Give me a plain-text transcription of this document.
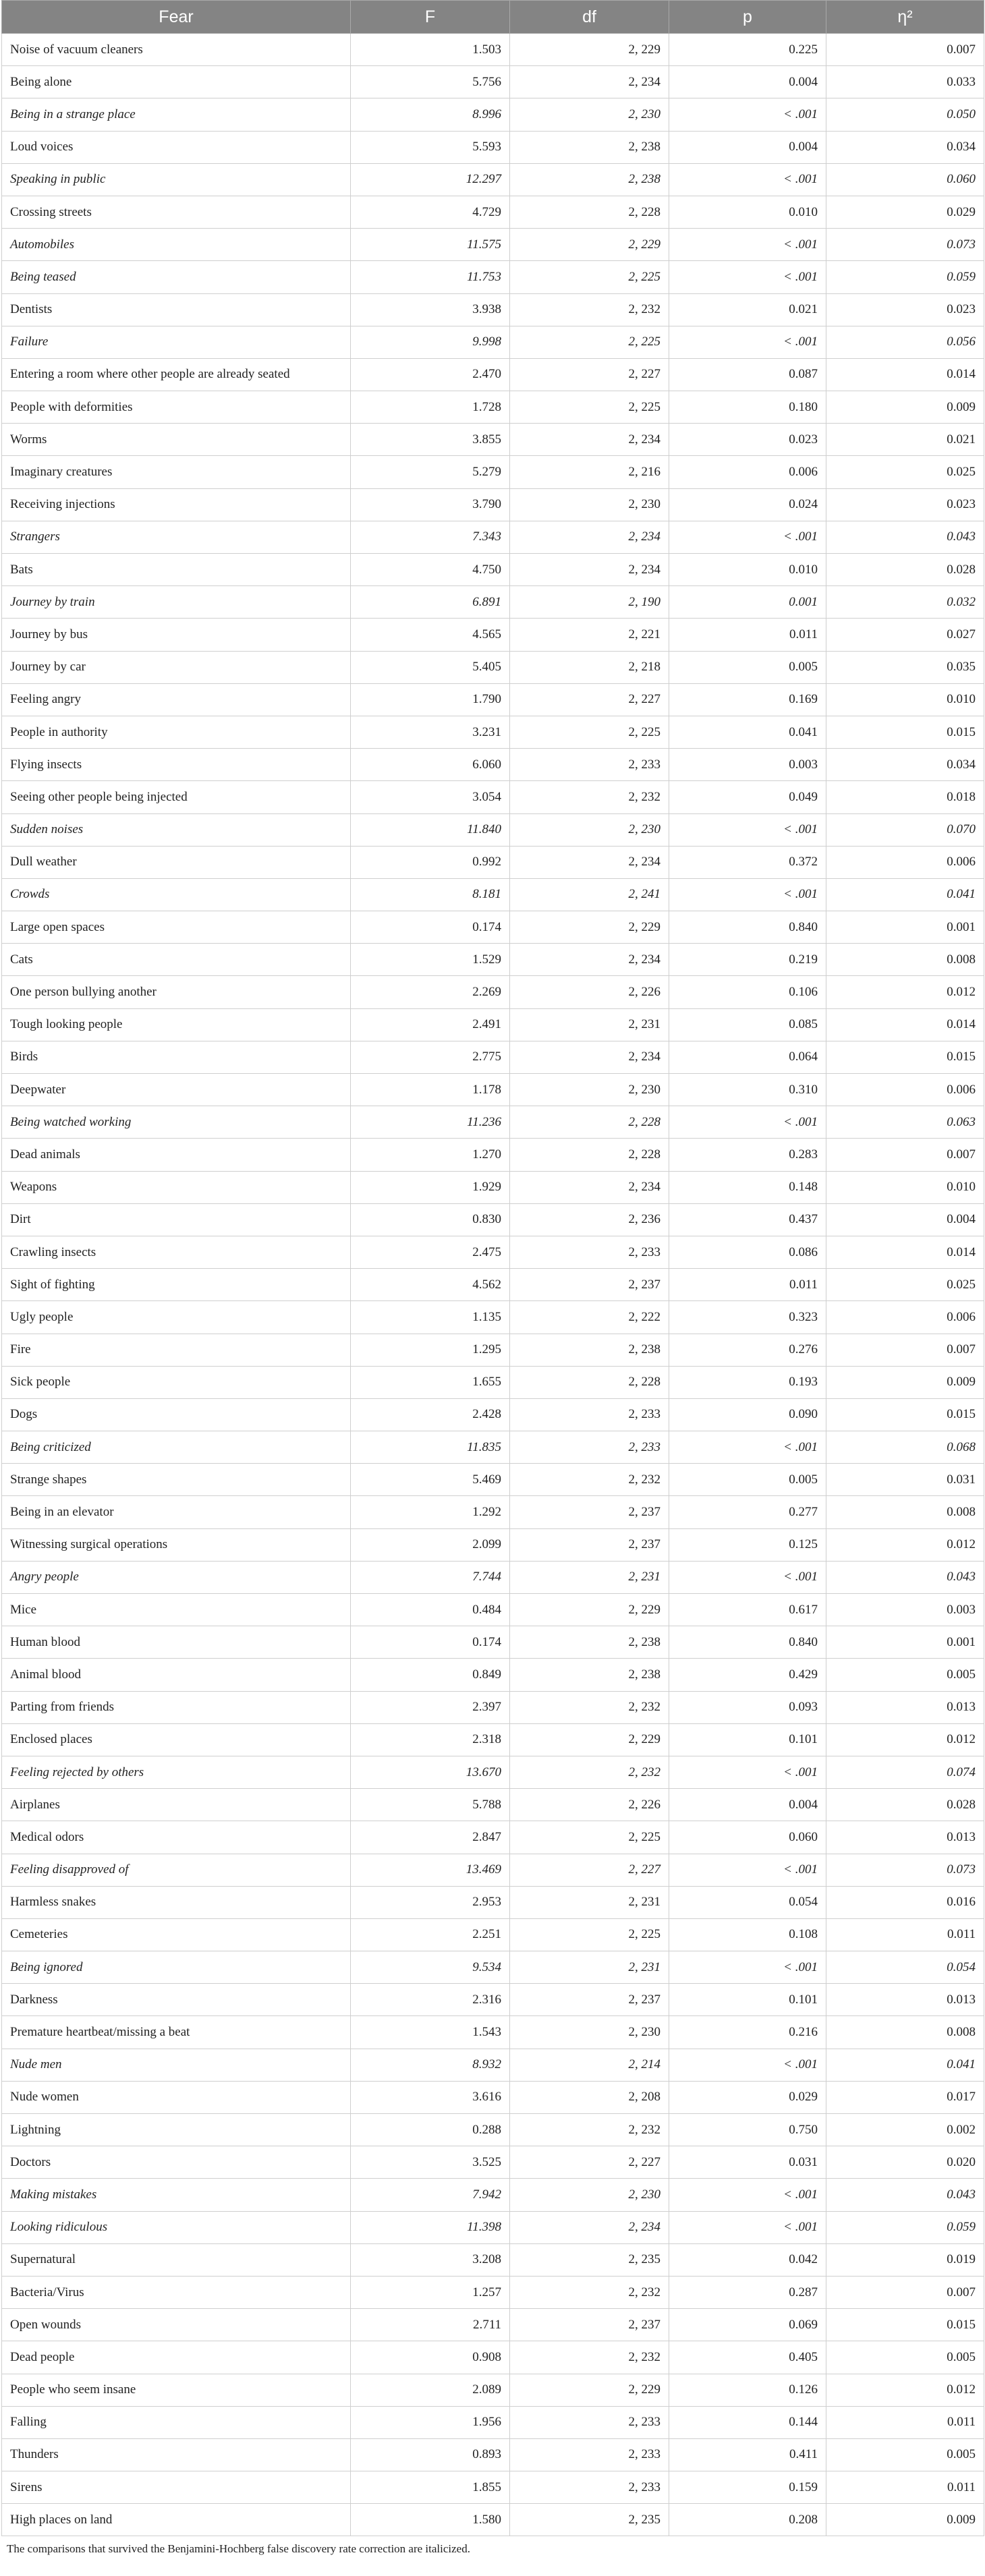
Fear	F	df	p	η²
Noise of vacuum cleaners	1.503	2, 229	0.225	0.007
Being alone	5.756	2, 234	0.004	0.033
Being in a strange place	8.996	2, 230	< .001	0.050
Loud voices	5.593	2, 238	0.004	0.034
Speaking in public	12.297	2, 238	< .001	0.060
Crossing streets	4.729	2, 228	0.010	0.029
Automobiles	11.575	2, 229	< .001	0.073
Being teased	11.753	2, 225	< .001	0.059
Dentists	3.938	2, 232	0.021	0.023
Failure	9.998	2, 225	< .001	0.056
Entering a room where other people are already seated	2.470	2, 227	0.087	0.014
People with deformities	1.728	2, 225	0.180	0.009
Worms	3.855	2, 234	0.023	0.021
Imaginary creatures	5.279	2, 216	0.006	0.025
Receiving injections	3.790	2, 230	0.024	0.023
Strangers	7.343	2, 234	< .001	0.043
Bats	4.750	2, 234	0.010	0.028
Journey by train	6.891	2, 190	0.001	0.032
Journey by bus	4.565	2, 221	0.011	0.027
Journey by car	5.405	2, 218	0.005	0.035
Feeling angry	1.790	2, 227	0.169	0.010
People in authority	3.231	2, 225	0.041	0.015
Flying insects	6.060	2, 233	0.003	0.034
Seeing other people being injected	3.054	2, 232	0.049	0.018
Sudden noises	11.840	2, 230	< .001	0.070
Dull weather	0.992	2, 234	0.372	0.006
Crowds	8.181	2, 241	< .001	0.041
Large open spaces	0.174	2, 229	0.840	0.001
Cats	1.529	2, 234	0.219	0.008
One person bullying another	2.269	2, 226	0.106	0.012
Tough looking people	2.491	2, 231	0.085	0.014
Birds	2.775	2, 234	0.064	0.015
Deepwater	1.178	2, 230	0.310	0.006
Being watched working	11.236	2, 228	< .001	0.063
Dead animals	1.270	2, 228	0.283	0.007
Weapons	1.929	2, 234	0.148	0.010
Dirt	0.830	2, 236	0.437	0.004
Crawling insects	2.475	2, 233	0.086	0.014
Sight of fighting	4.562	2, 237	0.011	0.025
Ugly people	1.135	2, 222	0.323	0.006
Fire	1.295	2, 238	0.276	0.007
Sick people	1.655	2, 228	0.193	0.009
Dogs	2.428	2, 233	0.090	0.015
Being criticized	11.835	2, 233	< .001	0.068
Strange shapes	5.469	2, 232	0.005	0.031
Being in an elevator	1.292	2, 237	0.277	0.008
Witnessing surgical operations	2.099	2, 237	0.125	0.012
Angry people	7.744	2, 231	< .001	0.043
Mice	0.484	2, 229	0.617	0.003
Human blood	0.174	2, 238	0.840	0.001
Animal blood	0.849	2, 238	0.429	0.005
Parting from friends	2.397	2, 232	0.093	0.013
Enclosed places	2.318	2, 229	0.101	0.012
Feeling rejected by others	13.670	2, 232	< .001	0.074
Airplanes	5.788	2, 226	0.004	0.028
Medical odors	2.847	2, 225	0.060	0.013
Feeling disapproved of	13.469	2, 227	< .001	0.073
Harmless snakes	2.953	2, 231	0.054	0.016
Cemeteries	2.251	2, 225	0.108	0.011
Being ignored	9.534	2, 231	< .001	0.054
Darkness	2.316	2, 237	0.101	0.013
Premature heartbeat/missing a beat	1.543	2, 230	0.216	0.008
Nude men	8.932	2, 214	< .001	0.041
Nude women	3.616	2, 208	0.029	0.017
Lightning	0.288	2, 232	0.750	0.002
Doctors	3.525	2, 227	0.031	0.020
Making mistakes	7.942	2, 230	< .001	0.043
Looking ridiculous	11.398	2, 234	< .001	0.059
Supernatural	3.208	2, 235	0.042	0.019
Bacteria/Virus	1.257	2, 232	0.287	0.007
Open wounds	2.711	2, 237	0.069	0.015
Dead people	0.908	2, 232	0.405	0.005
People who seem insane	2.089	2, 229	0.126	0.012
Falling	1.956	2, 233	0.144	0.011
Thunders	0.893	2, 233	0.411	0.005
Sirens	1.855	2, 233	0.159	0.011
High places on land	1.580	2, 235	0.208	0.009
The comparisons that survived the Benjamini-Hochberg false discovery rate correction are italicized.
